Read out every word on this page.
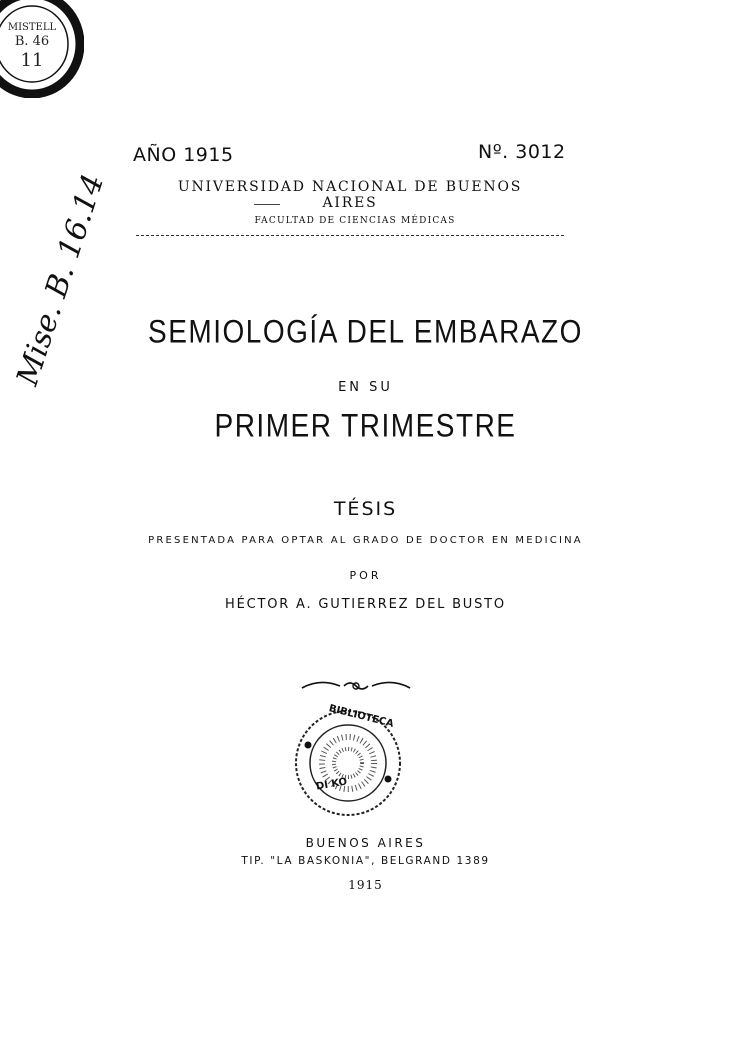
MISTELL
B. 46
11
Mise. B. 16.14
AÑO 1915	Nº. 3012
UNIVERSIDAD NACIONAL DE BUENOS AIRES
FACULTAD DE CIENCIAS MÉDICAS
SEMIOLOGÍA DEL EMBARAZO
EN SU
PRIMER TRIMESTRE
TÉSIS
PRESENTADA PARA OPTAR AL GRADO DE DOCTOR EN MEDICINA
POR
HÉCTOR A. GUTIERREZ DEL BUSTO
BIBLIOTECA
DI KO
BUENOS AIRES
TIP. "LA BASKONIA", BELGRAND 1389
1915
